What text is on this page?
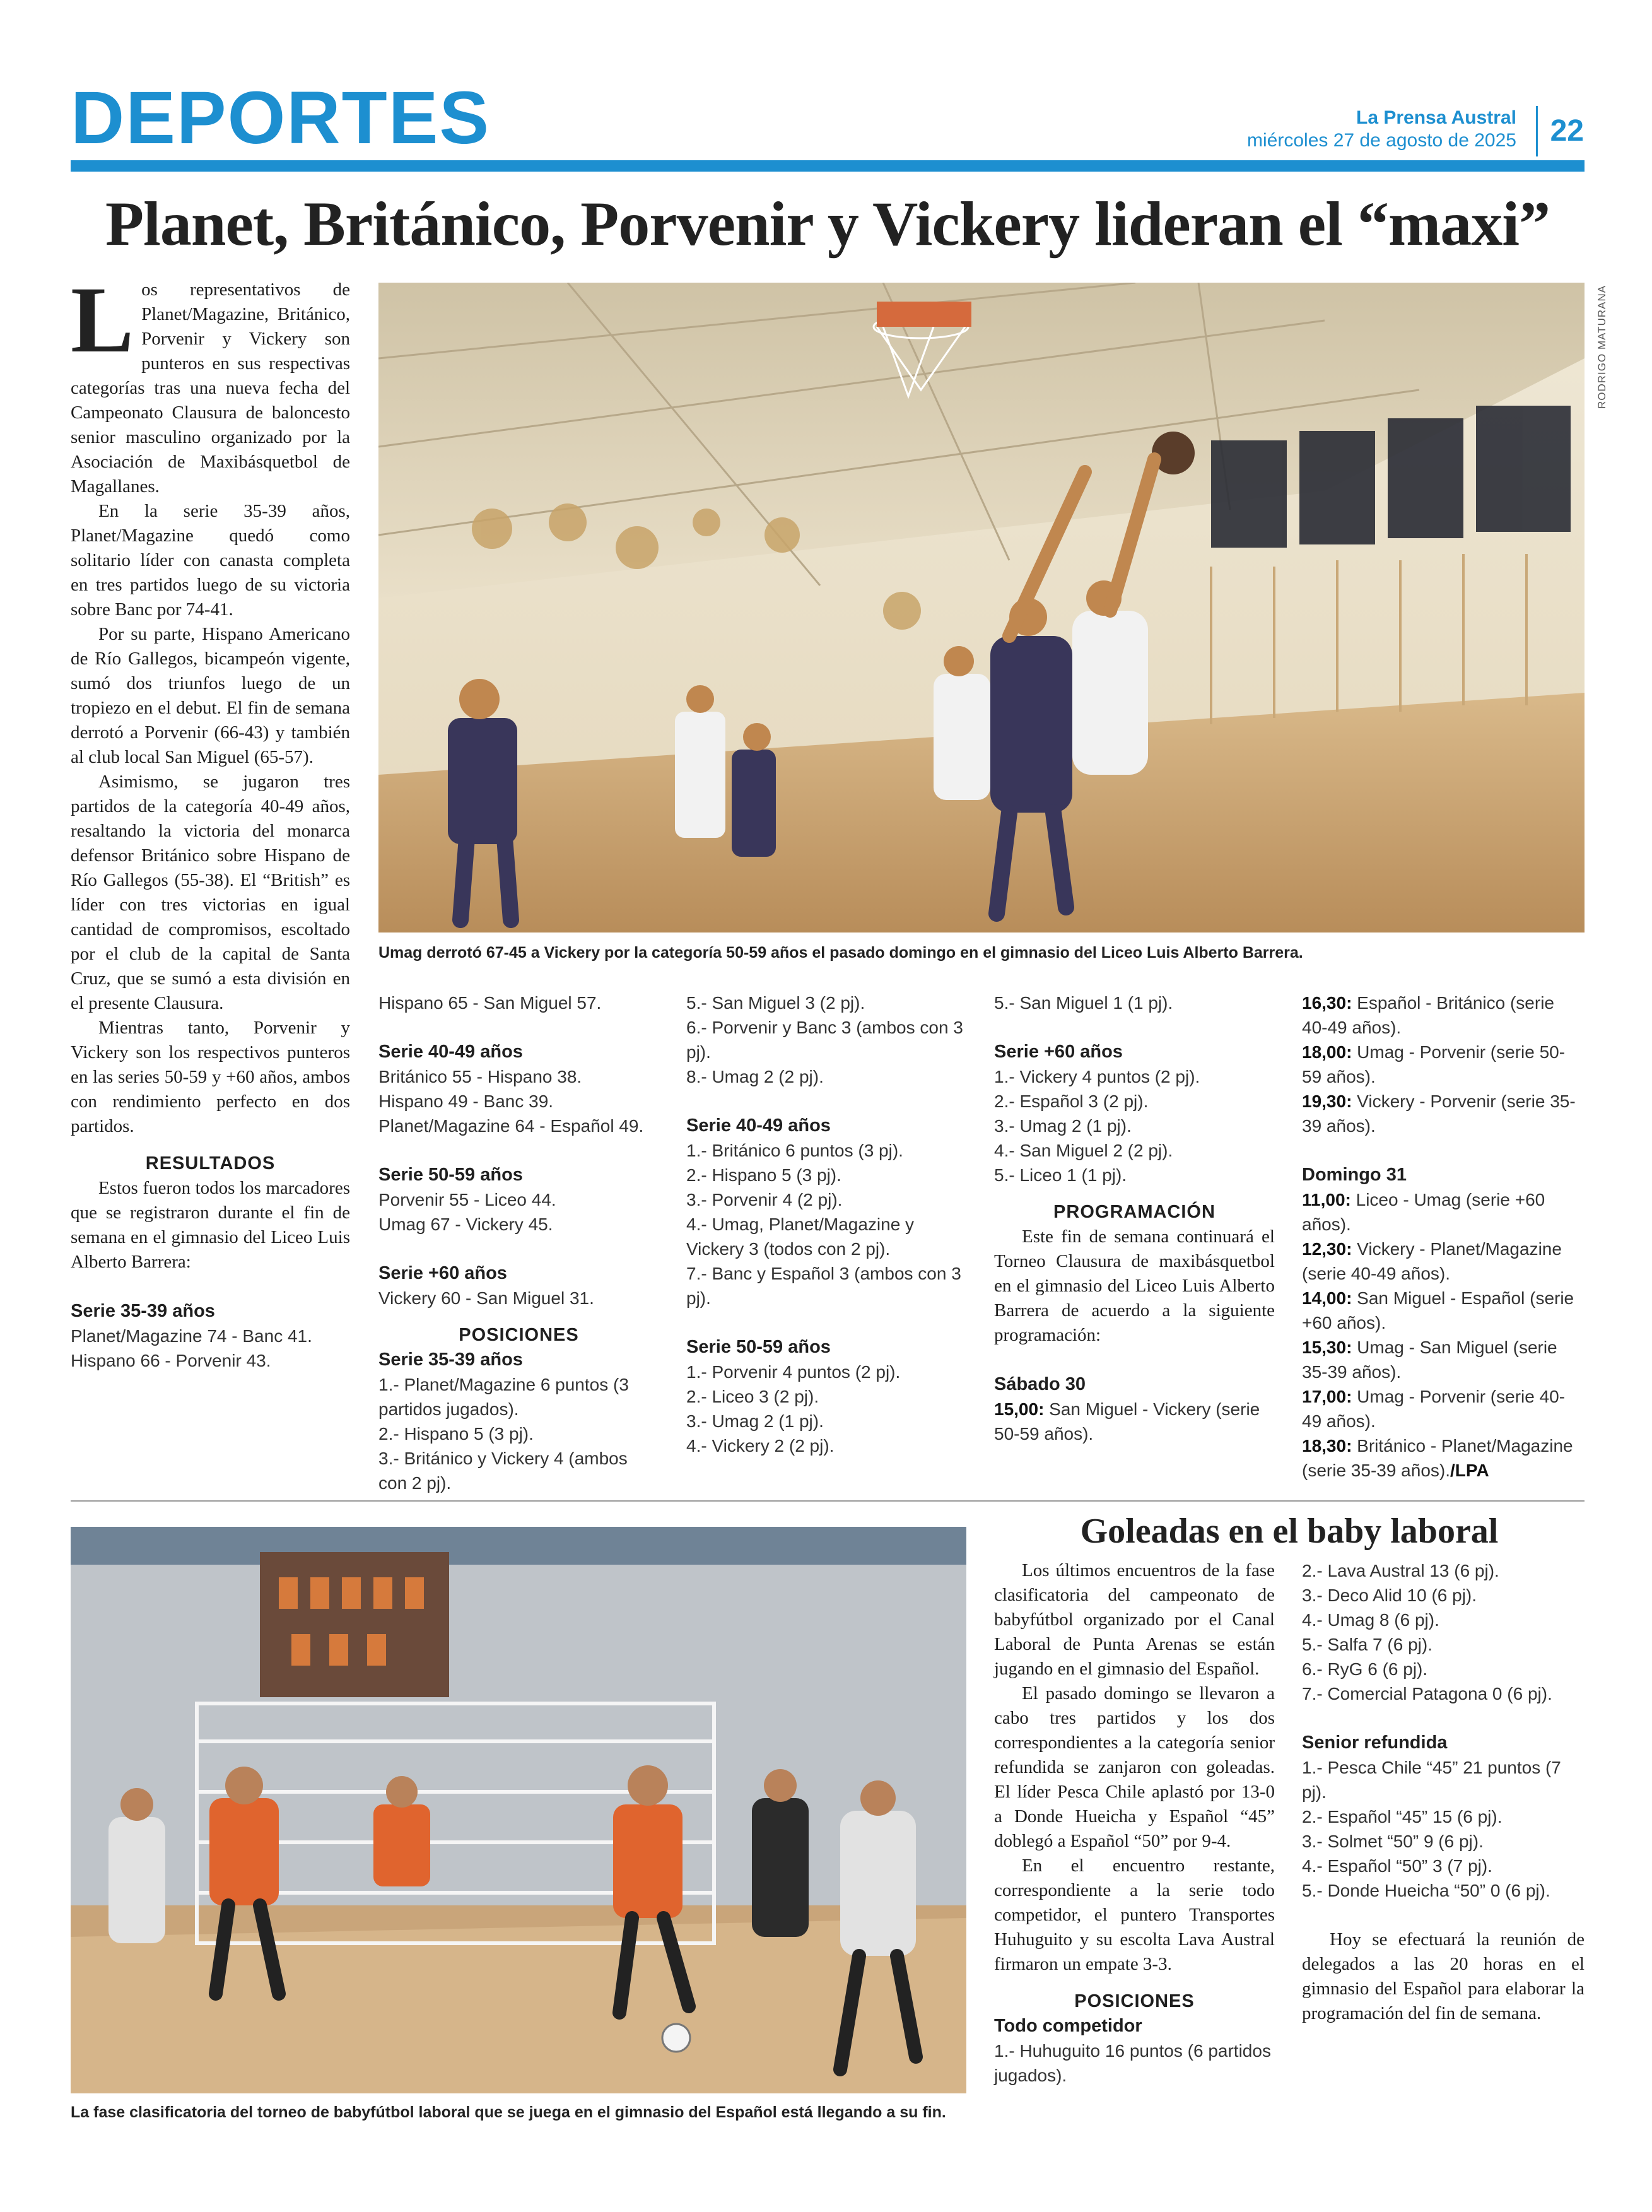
DEPORTES	La Prensa Austral
miércoles 27 de agosto de 2025 22
Planet, Británico, Porvenir y Vickery lideran el “maxi”
RODRIGO MATURANA
Umag derrotó 67-45 a Vickery por la categoría 50-59 años el pasado domingo en el gimnasio del Liceo Luis Alberto Barrera.
L os representativos de Planet/Magazine, Británico, Porvenir y Vickery son punteros en sus respectivas categorías tras una nueva fecha del Campeonato Clausura de baloncesto senior masculino organizado por la Asociación de Maxibásquetbol de Magallanes.

En la serie 35-39 años, Planet/Magazine quedó como solitario líder con canasta completa en tres partidos luego de su victoria sobre Banc por 74-41.

Por su parte, Hispano Americano de Río Gallegos, bicampeón vigente, sumó dos triunfos luego de un tropiezo en el debut. El fin de semana derrotó a Porvenir (66-43) y también al club local San Miguel (65-57).

Asimismo, se jugaron tres partidos de la categoría 40-49 años, resaltando la victoria del monarca defensor Británico sobre Hispano de Río Gallegos (55-38). El “British” es líder con tres victorias en igual cantidad de compromisos, escoltado por el club de la capital de Santa Cruz, que se sumó a esta división en el presente Clausura.

Mientras tanto, Porvenir y Vickery son los respectivos punteros en las series 50-59 y +60 años, ambos con rendimiento perfecto en dos partidos.

RESULTADOS

Estos fueron todos los marcadores que se registraron durante el fin de semana en el gimnasio del Liceo Luis Alberto Barrera:

Serie 35-39 años
Planet/Magazine 74 - Banc 41.
Hispano 66 - Porvenir 43.
Hispano 65 - San Miguel 57.
Serie 40-49 años
Británico 55 - Hispano 38.
Hispano 49 - Banc 39.
Planet/Magazine 64 - Español 49.
Serie 50-59 años
Porvenir 55 - Liceo 44.
Umag 67 - Vickery 45.
Serie +60 años
Vickery 60 - San Miguel 31.
POSICIONES
Serie 35-39 años
1.- Planet/Magazine 6 puntos (3 partidos jugados).
2.- Hispano 5 (3 pj).
3.- Británico y Vickery 4 (ambos con 2 pj).
5.- San Miguel 3 (2 pj).
6.- Porvenir y Banc 3 (ambos con 3 pj).
8.- Umag 2 (2 pj).
Serie 40-49 años
1.- Británico 6 puntos (3 pj).
2.- Hispano 5 (3 pj).
3.- Porvenir 4 (2 pj).
4.- Umag, Planet/Magazine y Vickery 3 (todos con 2 pj).
7.- Banc y Español 3 (ambos con 3 pj).
Serie 50-59 años
1.- Porvenir 4 puntos (2 pj).
2.- Liceo 3 (2 pj).
3.- Umag 2 (1 pj).
4.- Vickery 2 (2 pj).
5.- San Miguel 1 (1 pj).
Serie +60 años
1.- Vickery 4 puntos (2 pj).
2.- Español 3 (2 pj).
3.- Umag 2 (1 pj).
4.- San Miguel 2 (2 pj).
5.- Liceo 1 (1 pj).
PROGRAMACIÓN

Este fin de semana continuará el Torneo Clausura de maxibásquetbol en el gimnasio del Liceo Luis Alberto Barrera de acuerdo a la siguiente programación:

Sábado 30
15,00: San Miguel - Vickery (serie 50-59 años).
16,30: Español - Británico (serie 40-49 años).
18,00: Umag - Porvenir (serie 50-59 años).
19,30: Vickery - Porvenir (serie 35-39 años).
Domingo 31
11,00: Liceo - Umag (serie +60 años).
12,30: Vickery - Planet/Magazine (serie 40-49 años).
14,00: San Miguel - Español (serie +60 años).
15,30: Umag - San Miguel (serie 35-39 años).
17,00: Umag - Porvenir (serie 40-49 años).
18,30: Británico - Planet/Magazine (serie 35-39 años)./LPA
La fase clasificatoria del torneo de babyfútbol laboral que se juega en el gimnasio del Español está llegando a su fin.
Goleadas en el baby laboral

Los últimos encuentros de la fase clasificatoria del campeonato de babyfútbol organizado por el Canal Laboral de Punta Arenas se están jugando en el gimnasio del Español.

El pasado domingo se llevaron a cabo tres partidos y los dos correspondientes a la categoría senior refundida se zanjaron con goleadas. El líder Pesca Chile aplastó por 13-0 a Donde Hueicha y Español “45” doblegó a Español “50” por 9-4.

En el encuentro restante, correspondiente a la serie todo competidor, el puntero Transportes Huhuguito y su escolta Lava Austral firmaron un empate 3-3.

POSICIONES
Todo competidor
1.- Huhuguito 16 puntos (6 partidos jugados).
2.- Lava Austral 13 (6 pj).
3.- Deco Alid 10 (6 pj).
4.- Umag 8 (6 pj).
5.- Salfa 7 (6 pj).
6.- RyG 6 (6 pj).
7.- Comercial Patagona 0 (6 pj).
Senior refundida
1.- Pesca Chile “45” 21 puntos (7 pj).
2.- Español “45” 15 (6 pj).
3.- Solmet “50” 9 (6 pj).
4.- Español “50” 3 (7 pj).
5.- Donde Hueicha “50” 0 (6 pj).

Hoy se efectuará la reunión de delegados a las 20 horas en el gimnasio del Español para elaborar la programación del fin de semana.
